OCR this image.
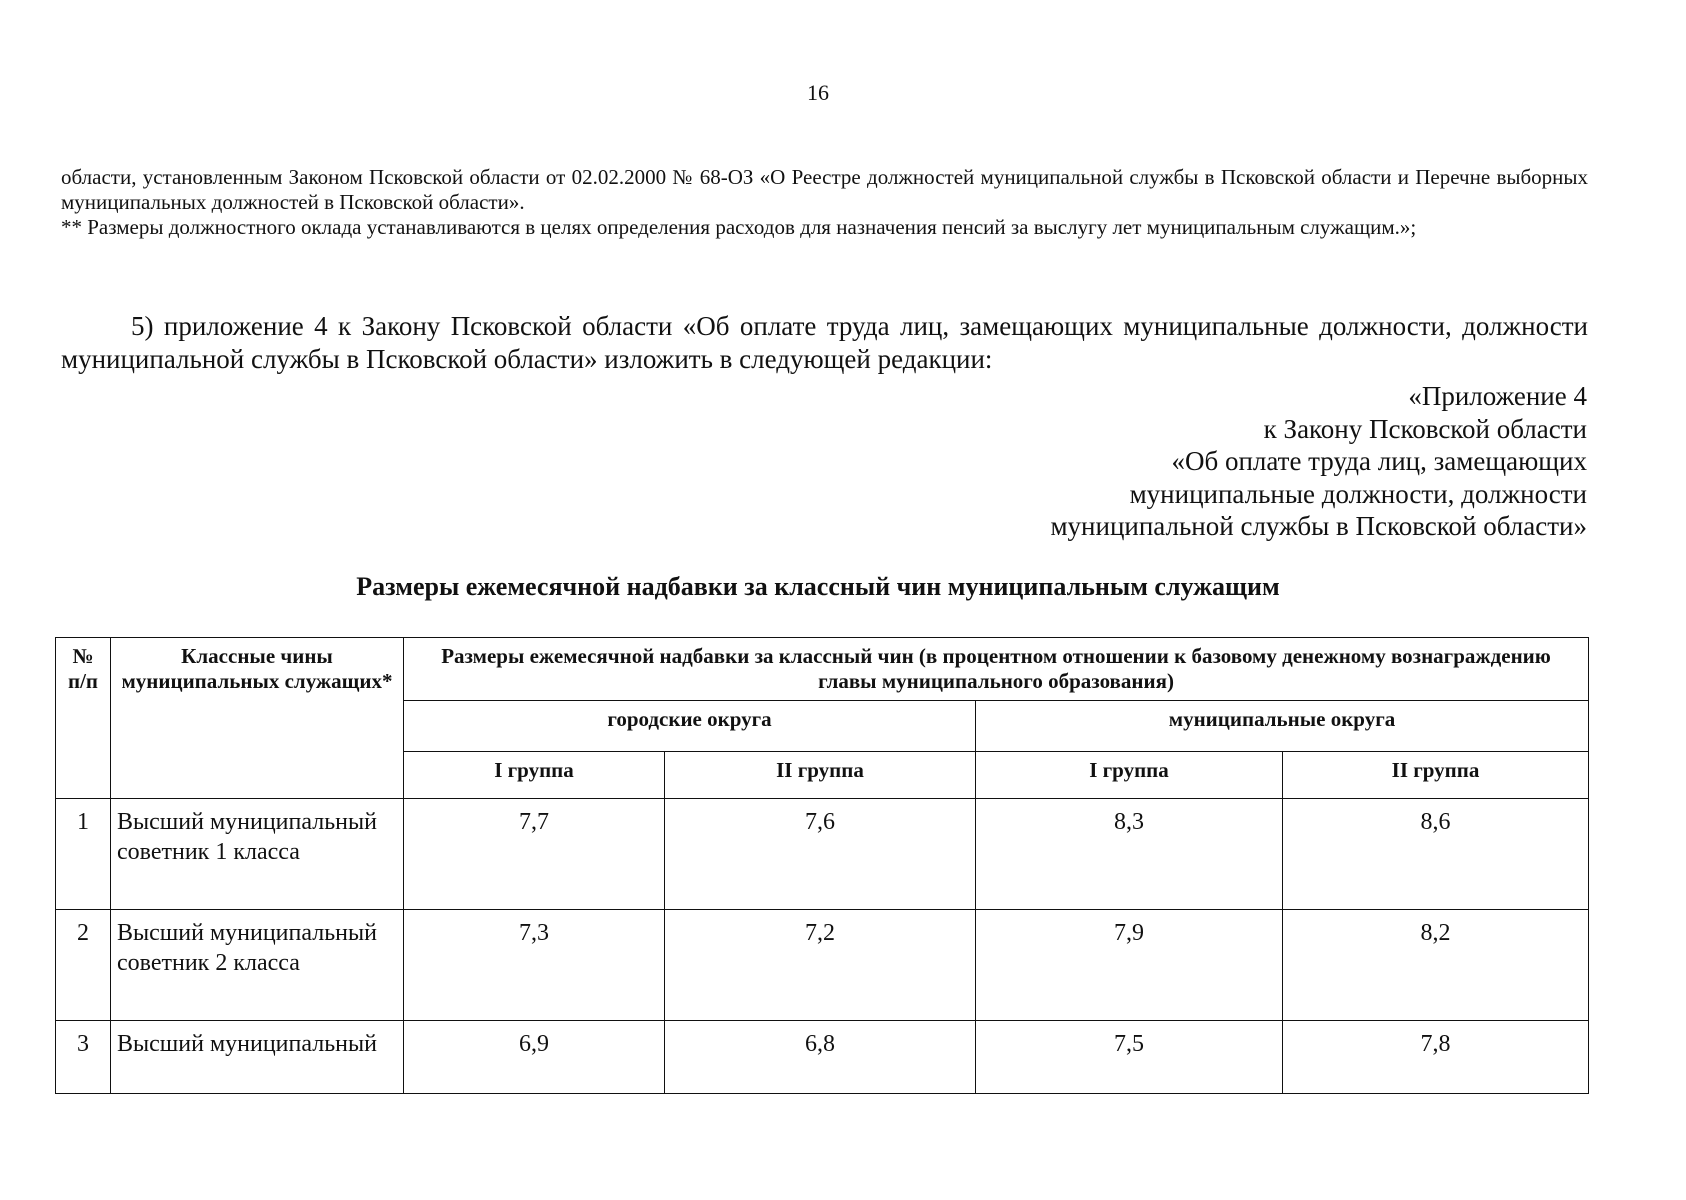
16

области, установленным Законом Псковской области от 02.02.2000 № 68-ОЗ «О Реестре должностей муниципальной службы в Псковской области и Перечне выборных муниципальных должностей в Псковской области».

** Размеры должностного оклада устанавливаются в целях определения расходов для назначения пенсий за выслугу лет муниципальным служащим.»;

5) приложение 4 к Закону Псковской области «Об оплате труда лиц, замещающих муниципальные должности, должности муниципальной службы в Псковской области» изложить в следующей редакции:

«Приложение 4
к Закону Псковской области
«Об оплате труда лиц, замещающих
муниципальные должности, должности
муниципальной службы в Псковской области»
Размеры ежемесячной надбавки за классный чин муниципальным служащим
№ п/п	Классные чины муниципальных служащих*	Размеры ежемесячной надбавки за классный чин (в процентном отношении к базовому денежному вознаграждению главы муниципального образования)			
		городские округа		муниципальные округа	
		I группа	II группа	I группа	II группа
1	Высший муниципальный советник 1 класса	7,7	7,6	8,3	8,6
2	Высший муниципальный советник 2 класса	7,3	7,2	7,9	8,2
3	Высший муниципальный	6,9	6,8	7,5	7,8
